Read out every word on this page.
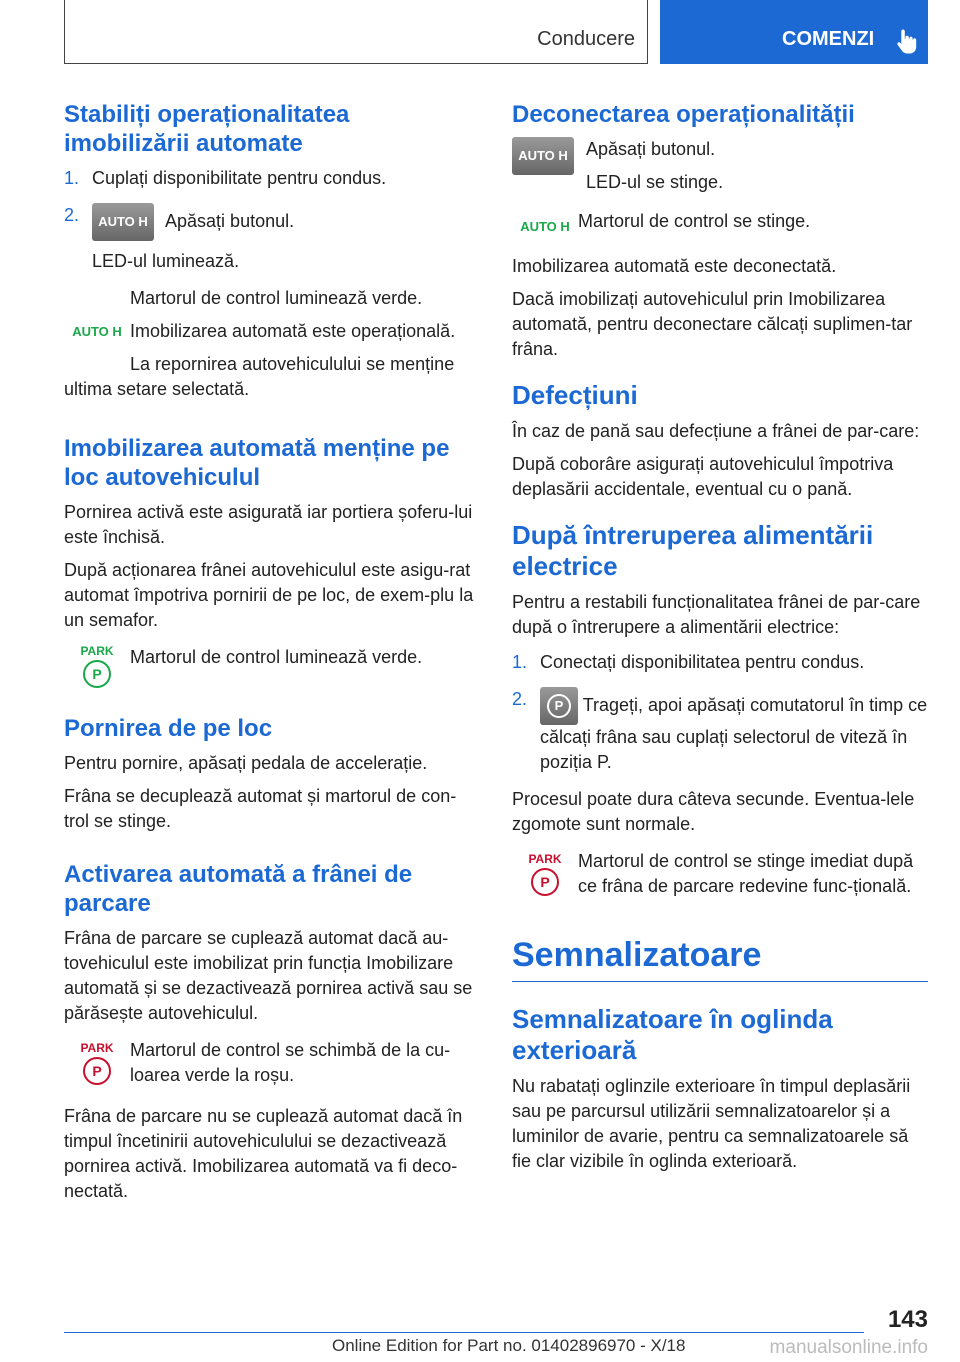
Conducere	COMENZI
Stabiliți operaționalitatea imobilizării automate
1. Cuplați disponibilitate pentru condus.
2.	AUTO H Apăsați butonul.
LED-ul luminează.
AUTO H
Martorul de control luminează verde.
Imobilizarea automată este operațională.
La repornirea autovehiculului se menține

ultima setare selectată.

Imobilizarea automată menține pe loc autovehiculul

Pornirea activă este asigurată iar portiera șoferu-lui este închisă.

După acționarea frânei autovehiculul este asigu-rat automat împotriva pornirii de pe loc, de exem-plu la un semafor.

PARK
P
Martorul de control luminează verde.
Pornirea de pe loc

Pentru pornire, apăsați pedala de accelerație.

Frâna se decuplează automat și martorul de con-trol se stinge.

Activarea automată a frânei de parcare

Frâna de parcare se cuplează automat dacă au-tovehiculul este imobilizat prin funcția Imobilizare automată și se dezactivează pornirea activă sau se părăsește autovehiculul.

PARK
P
Martorul de control se schimbă de la cu-loarea verde la roșu.

Frâna de parcare nu se cuplează automat dacă în timpul încetinirii autovehiculului se dezactivează pornirea activă. Imobilizarea automată va fi deco-nectată.

Deconectarea operaționalității
AUTO H	Apăsați butonul.
LED-ul se stinge.
AUTO H Martorul de control se stinge.

Imobilizarea automată este deconectată.

Dacă imobilizați autovehiculul prin Imobilizarea automată, pentru deconectare călcați suplimen-tar frâna.

Defecțiuni

În caz de pană sau defecțiune a frânei de par-care:

După coborâre asigurați autovehiculul împotriva deplasării accidentale, eventual cu o pană.

După întreruperea alimentării electrice

Pentru a restabili funcționalitatea frânei de par-care după o întrerupere a alimentării electrice:

1. Conectați disponibilitatea pentru condus.
2.	P	Trageți, apoi apăsați comutatorul în timp ce călcați frâna sau cuplați selectorul de viteză în poziția P.

Procesul poate dura câteva secunde. Eventua-lele zgomote sunt normale.

PARK
P
Martorul de control se stinge imediat după ce frâna de parcare redevine func-țională.
Semnalizatoare
Semnalizatoare în oglinda exterioară

Nu rabatați oglinzile exterioare în timpul deplasării sau pe parcursul utilizării semnalizatoarelor și a luminilor de avarie, pentru ca semnalizatoarele să fie clar vizibile în oglinda exterioară.

143
Online Edition for Part no. 01402896970 - X/18	manualsonline.info
